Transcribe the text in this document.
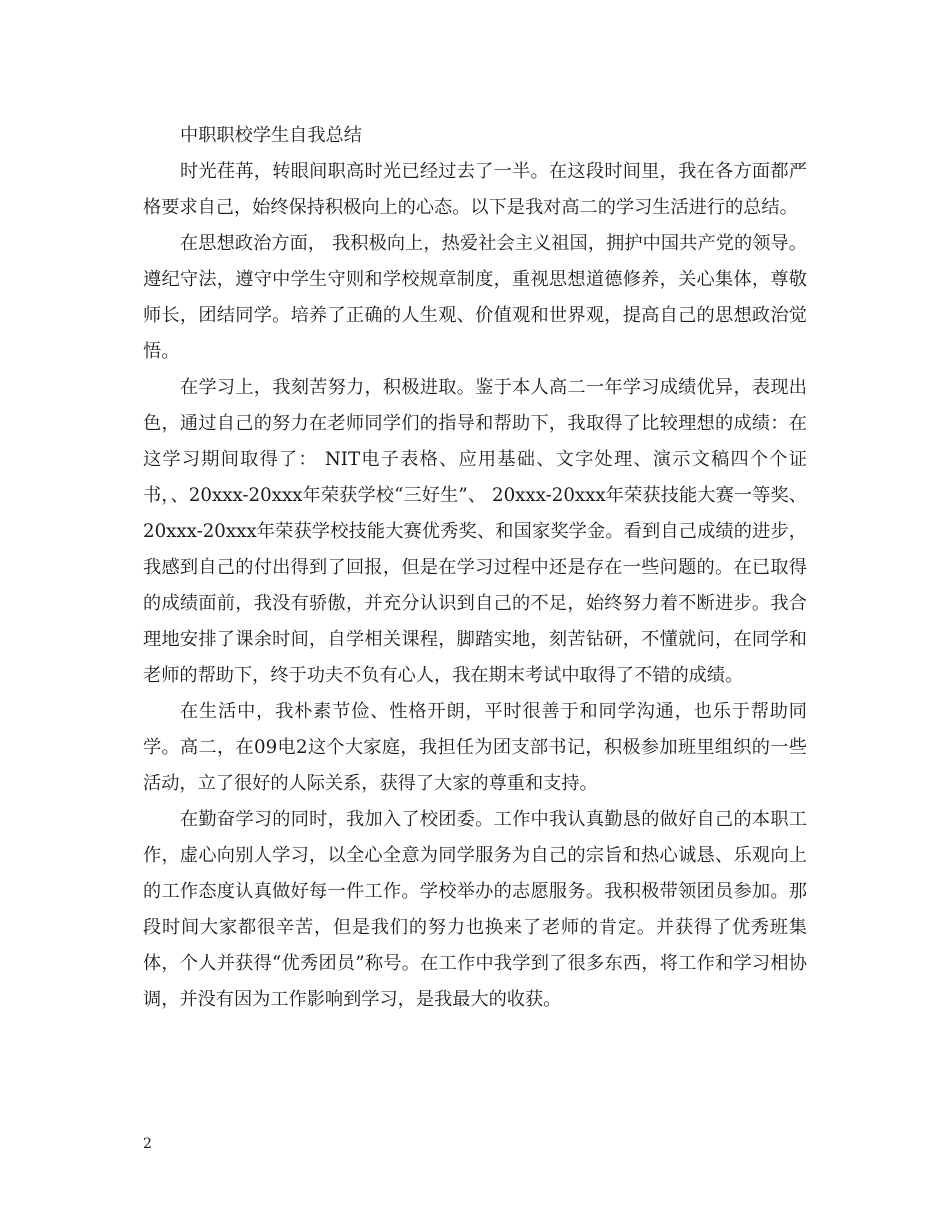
中职职校学生自我总结

时光荏苒，转眼间职高时光已经过去了一半。在这段时间里，我在各方面都严格要求自己，始终保持积极向上的心态。以下是我对高二的学习生活进行的总结。

在思想政治方面， 我积极向上，热爱社会主义祖国，拥护中国共产党的领导。遵纪守法，遵守中学生守则和学校规章制度，重视思想道德修养，关心集体，尊敬师长，团结同学。培养了正确的人生观、价值观和世界观，提高自己的思想政治觉悟。

在学习上，我刻苦努力，积极进取。鉴于本人高二一年学习成绩优异，表现出色，通过自己的努力在老师同学们的指导和帮助下，我取得了比较理想的成绩：在这学习期间取得了： NIT电子表格、应用基础、文字处理、演示文稿四个个证书，、20xxx-20xxx年荣获学校“三好生”、 20xxx-20xxx年荣获技能大赛一等奖、20xxx-20xxx年荣获学校技能大赛优秀奖、和国家奖学金。看到自己成绩的进步，我感到自己的付出得到了回报，但是在学习过程中还是存在一些问题的。在已取得的成绩面前，我没有骄傲，并充分认识到自己的不足，始终努力着不断进步。我合理地安排了课余时间，自学相关课程，脚踏实地，刻苦钻研，不懂就问，在同学和老师的帮助下，终于功夫不负有心人，我在期末考试中取得了不错的成绩。

在生活中，我朴素节俭、性格开朗，平时很善于和同学沟通，也乐于帮助同学。高二，在09电2这个大家庭，我担任为团支部书记，积极参加班里组织的一些活动，立了很好的人际关系，获得了大家的尊重和支持。

在勤奋学习的同时，我加入了校团委。工作中我认真勤恳的做好自己的本职工作，虚心向别人学习，以全心全意为同学服务为自己的宗旨和热心诚恳、乐观向上的工作态度认真做好每一件工作。学校举办的志愿服务。我积极带领团员参加。那段时间大家都很辛苦，但是我们的努力也换来了老师的肯定。并获得了优秀班集体，个人并获得“优秀团员”称号。在工作中我学到了很多东西，将工作和学习相协调，并没有因为工作影响到学习，是我最大的收获。

2
